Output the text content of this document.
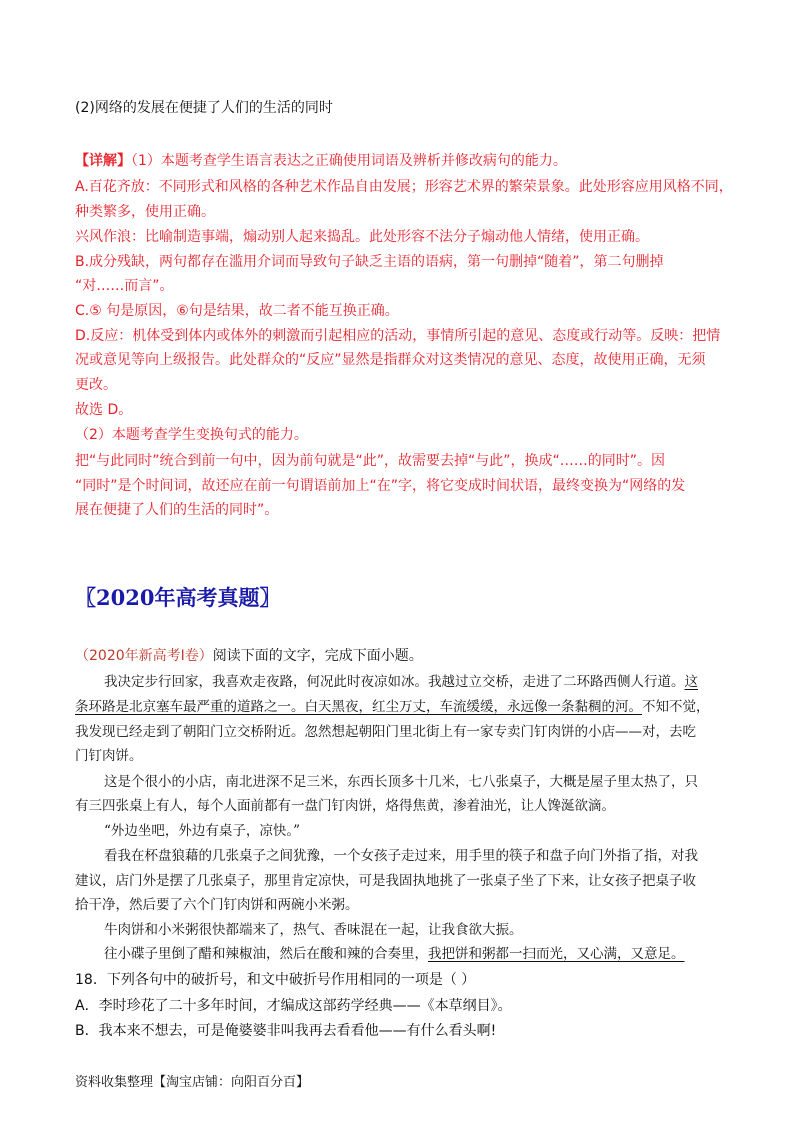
(2)网络的发展在便捷了人们的生活的同时
【详解】（1）本题考查学生语言表达之正确使用词语及辨析并修改病句的能力。
A.百花齐放：不同形式和风格的各种艺术作品自由发展；形容艺术界的繁荣景象。此处形容应用风格不同，
种类繁多，使用正确。
兴风作浪：比喻制造事端，煽动别人起来捣乱。此处形容不法分子煽动他人情绪，使用正确。
B.成分残缺，两句都存在滥用介词而导致句子缺乏主语的语病，第一句删掉“随着”，第二句删掉
“对……而言”。
C.⑤ 句是原因，⑥句是结果，故二者不能互换正确。
D.反应：机体受到体内或体外的刺激而引起相应的活动，事情所引起的意见、态度或行动等。反映：把情
况或意见等向上级报告。此处群众的“反应”显然是指群众对这类情况的意见、态度，故使用正确，无须
更改。
故选 D。
（2）本题考查学生变换句式的能力。
把“与此同时”统合到前一句中，因为前句就是“此”，故需要去掉“与此”，换成“……的同时”。因
“同时”是个时间词，故还应在前一句谓语前加上“在”字，将它变成时间状语，最终变换为“网络的发
展在便捷了人们的生活的同时”。
〖2020年高考真题〗
（2020年新高考Ⅰ卷）阅读下面的文字，完成下面小题。
我决定步行回家，我喜欢走夜路，何况此时夜凉如冰。我越过立交桥，走进了二环路西侧人行道。这
条环路是北京塞车最严重的道路之一。白天黑夜，红尘万丈，车流缓缓，永远像一条黏稠的河。不知不觉，
我发现已经走到了朝阳门立交桥附近。忽然想起朝阳门里北街上有一家专卖门钉肉饼的小店——对，去吃
门钉肉饼。
这是个很小的小店，南北进深不足三米，东西长顶多十几米，七八张桌子，大概是屋子里太热了，只
有三四张桌上有人，每个人面前都有一盘门钉肉饼，烙得焦黄，渗着油光，让人馋涎欲滴。
“外边坐吧，外边有桌子，凉快。”
看我在杯盘狼藉的几张桌子之间犹豫，一个女孩子走过来，用手里的筷子和盘子向门外指了指，对我
建议，店门外是摆了几张桌子，那里肯定凉快，可是我固执地挑了一张桌子坐了下来，让女孩子把桌子收
拾干净，然后要了六个门钉肉饼和两碗小米粥。
牛肉饼和小米粥很快都端来了，热气、香味混在一起，让我食欲大振。
往小碟子里倒了醋和辣椒油，然后在酸和辣的合奏里，我把饼和粥都一扫而光，又心满，又意足。
18．下列各句中的破折号，和文中破折号作用相同的一项是（ ）
A．李时珍花了二十多年时间，才编成这部药学经典——《本草纲目》。
B．我本来不想去，可是俺婆婆非叫我再去看看他——有什么看头啊!
资料收集整理【淘宝店铺：向阳百分百】
